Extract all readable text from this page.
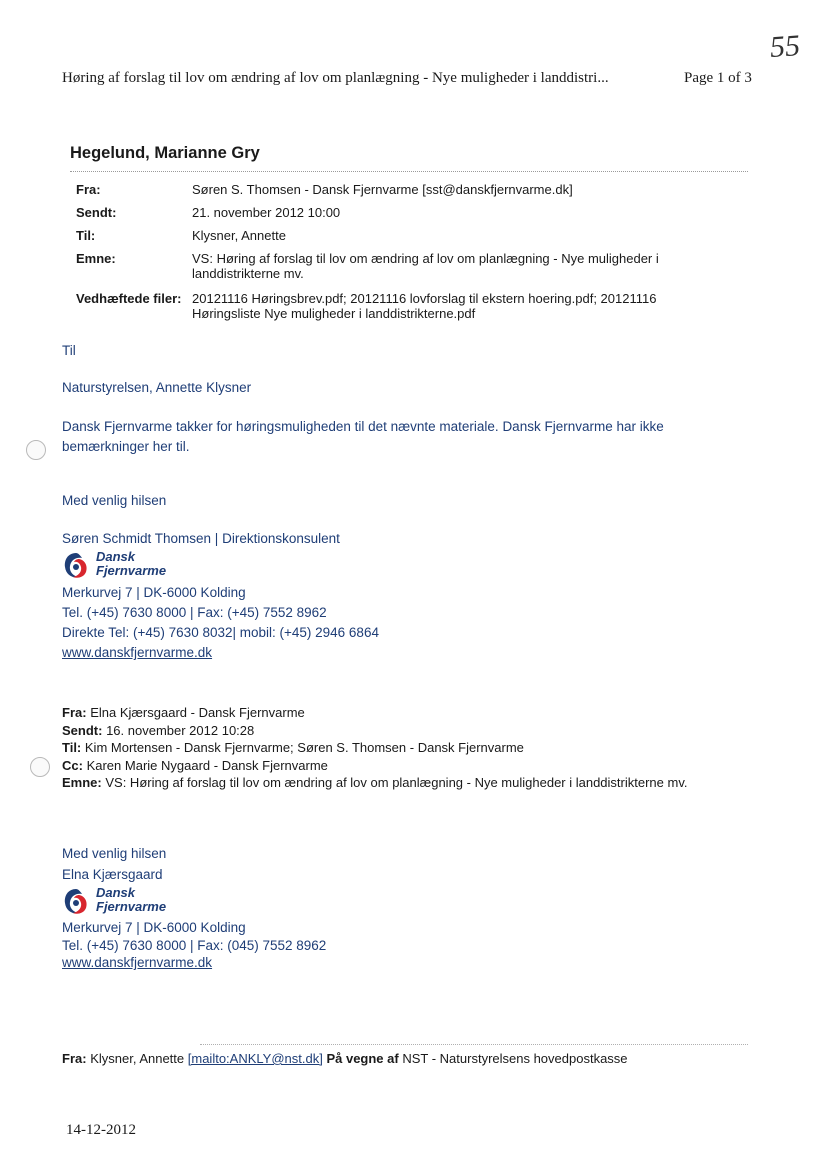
55
Høring af forslag til lov om ændring af lov om planlægning - Nye muligheder i landdistri...	Page 1 of 3
Hegelund, Marianne Gry
Fra:	Søren S. Thomsen - Dansk Fjernvarme [sst@danskfjernvarme.dk]
Sendt:	21. november 2012 10:00
Til:	Klysner, Annette
Emne:	VS: Høring af forslag til lov om ændring af lov om planlægning - Nye muligheder i
landdistrikterne mv.
Vedhæftede filer: 20121116 Høringsbrev.pdf; 20121116 lovforslag til ekstern hoering.pdf; 20121116
Høringsliste Nye muligheder i landdistrikterne.pdf
Til
Naturstyrelsen, Annette Klysner
Dansk Fjernvarme takker for høringsmuligheden til det nævnte materiale. Dansk Fjernvarme har ikke
bemærkninger her til.
Med venlig hilsen
Søren Schmidt Thomsen | Direktionskonsulent
Dansk
Fjernvarme
Merkurvej 7 | DK-6000 Kolding
Tel. (+45) 7630 8000 | Fax: (+45) 7552 8962
Direkte Tel: (+45) 7630 8032| mobil: (+45) 2946 6864
www.danskfjernvarme.dk
Fra: Elna Kjærsgaard - Dansk Fjernvarme
Sendt: 16. november 2012 10:28
Til: Kim Mortensen - Dansk Fjernvarme; Søren S. Thomsen - Dansk Fjernvarme
Cc: Karen Marie Nygaard - Dansk Fjernvarme
Emne: VS: Høring af forslag til lov om ændring af lov om planlægning - Nye muligheder i landdistrikterne mv.
Med venlig hilsen
Elna Kjærsgaard
Dansk
Fjernvarme
Merkurvej 7 | DK-6000 Kolding
Tel. (+45) 7630 8000 | Fax: (045) 7552 8962
www.danskfjernvarme.dk
Fra: Klysner, Annette [mailto:ANKLY@nst.dk] På vegne af NST - Naturstyrelsens hovedpostkasse
14-12-2012
